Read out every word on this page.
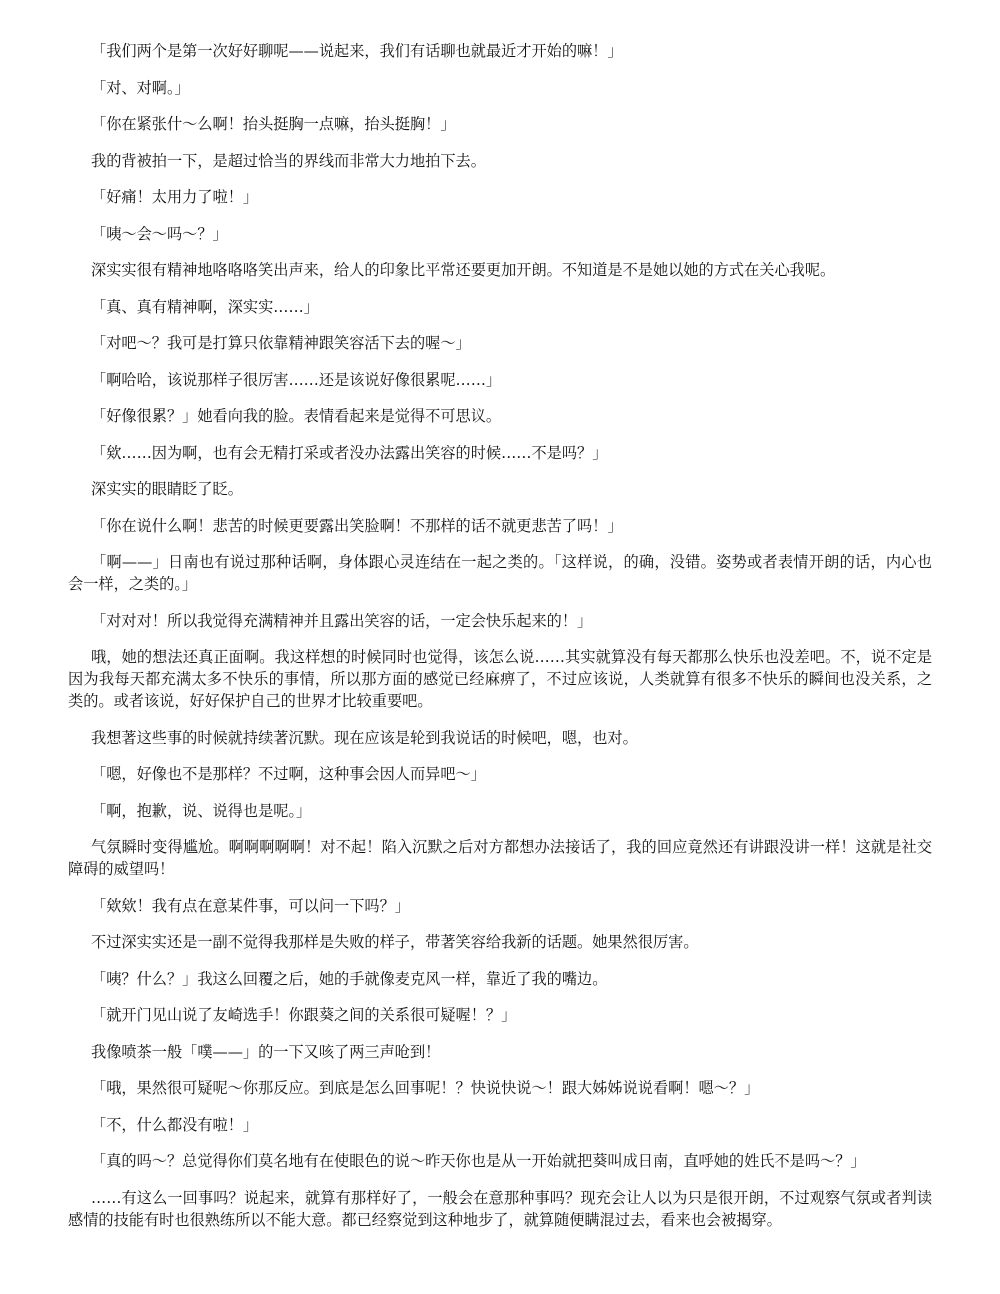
「我们两个是第一次好好聊呢——说起来，我们有话聊也就最近才开始的嘛！」

「对、对啊。」

「你在紧张什～么啊！抬头挺胸一点嘛，抬头挺胸！」

我的背被拍一下，是超过恰当的界线而非常大力地拍下去。

「好痛！太用力了啦！」

「咦～会～吗～？」

深实实很有精神地咯咯咯笑出声来，给人的印象比平常还要更加开朗。不知道是不是她以她的方式在关心我呢。

「真、真有精神啊，深实实……」

「对吧～？我可是打算只依靠精神跟笑容活下去的喔～」

「啊哈哈，该说那样子很厉害……还是该说好像很累呢……」

「好像很累？」她看向我的脸。表情看起来是觉得不可思议。

「欸……因为啊，也有会无精打采或者没办法露出笑容的时候……不是吗？」

深实实的眼睛眨了眨。

「你在说什么啊！悲苦的时候更要露出笑脸啊！不那样的话不就更悲苦了吗！」

「啊——」日南也有说过那种话啊，身体跟心灵连结在一起之类的。「这样说，的确，没错。姿势或者表情开朗的话，内心也会一样，之类的。」

「对对对！所以我觉得充满精神并且露出笑容的话，一定会快乐起来的！」

哦，她的想法还真正面啊。我这样想的时候同时也觉得，该怎么说……其实就算没有每天都那么快乐也没差吧。不，说不定是因为我每天都充满太多不快乐的事情，所以那方面的感觉已经麻痹了，不过应该说，人类就算有很多不快乐的瞬间也没关系，之类的。或者该说，好好保护自己的世界才比较重要吧。

我想著这些事的时候就持续著沉默。现在应该是轮到我说话的时候吧，嗯，也对。

「嗯，好像也不是那样？不过啊，这种事会因人而异吧～」

「啊，抱歉，说、说得也是呢。」

气氛瞬时变得尴尬。啊啊啊啊啊！对不起！陷入沉默之后对方都想办法接话了，我的回应竟然还有讲跟没讲一样！这就是社交障碍的威望吗！

「欸欸！我有点在意某件事，可以问一下吗？」

不过深实实还是一副不觉得我那样是失败的样子，带著笑容给我新的话题。她果然很厉害。

「咦？什么？」我这么回覆之后，她的手就像麦克风一样，靠近了我的嘴边。

「就开门见山说了友崎选手！你跟葵之间的关系很可疑喔！？」

我像喷茶一般「噗——」的一下又咳了两三声呛到！

「哦，果然很可疑呢～你那反应。到底是怎么回事呢！？快说快说～！跟大姊姊说说看啊！嗯～？」

「不，什么都没有啦！」

「真的吗～？总觉得你们莫名地有在使眼色的说～昨天你也是从一开始就把葵叫成日南，直呼她的姓氏不是吗～？」

……有这么一回事吗？说起来，就算有那样好了，一般会在意那种事吗？现充会让人以为只是很开朗，不过观察气氛或者判读感情的技能有时也很熟练所以不能大意。都已经察觉到这种地步了，就算随便瞒混过去，看来也会被揭穿。
